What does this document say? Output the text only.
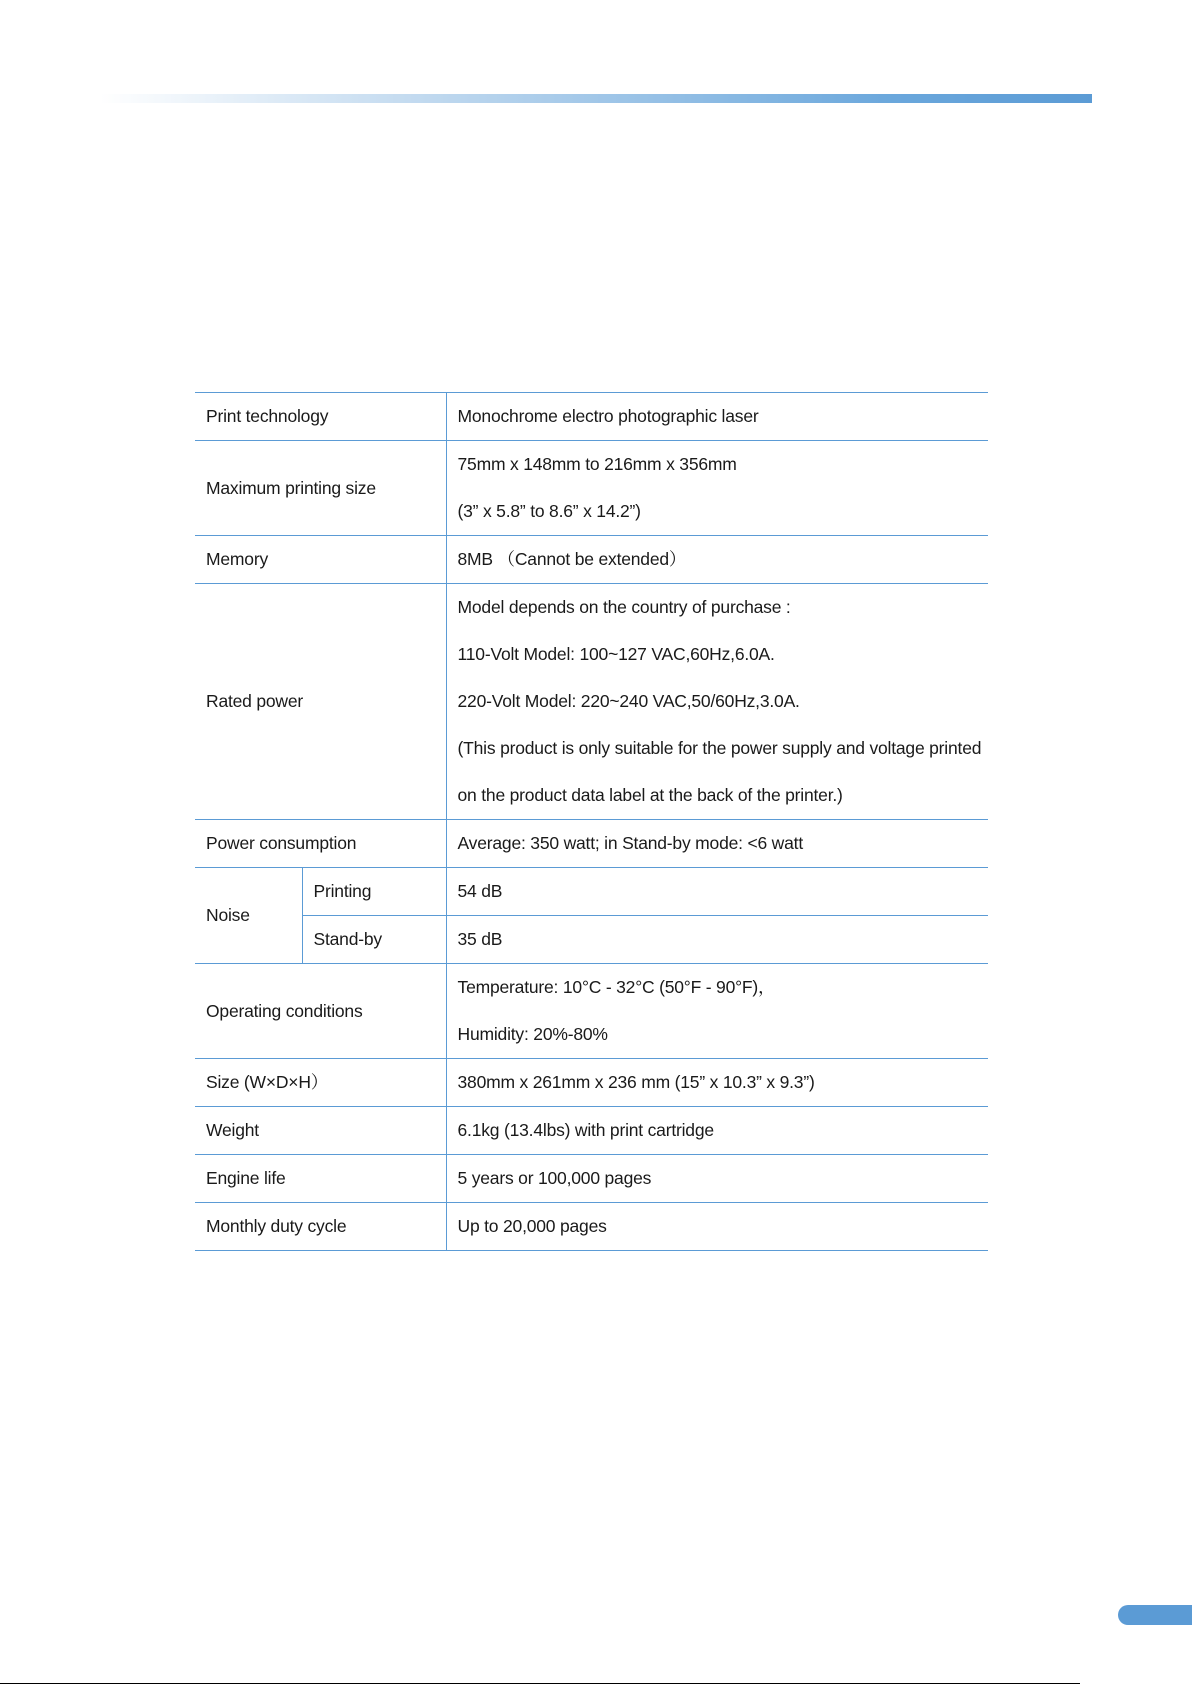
Print technology		Monochrome electro photographic laser
Maximum printing size		75mm x 148mm to 216mm x 356mm
(3” x 5.8” to 8.6” x 14.2”)

Memory		8MB （Cannot be extended）
Rated power		Model depends on the country of purchase :
110-Volt Model: 100~127 VAC,60Hz,6.0A.
220-Volt Model: 220~240 VAC,50/60Hz,3.0A.
(This product is only suitable for the power supply and voltage printed
on the product data label at the back of the printer.)

Power consumption		Average: 350 watt; in Stand-by mode: <6 watt
Noise	Printing	54 dB
	Stand-by	35 dB
Operating conditions		Temperature: 10°C - 32°C (50°F - 90°F)，
Humidity: 20%-80%

Size (W×D×H）		380mm x 261mm x 236 mm (15” x 10.3” x 9.3”)
Weight		6.1kg (13.4lbs) with print cartridge
Engine life		5 years or 100,000 pages
Monthly duty cycle		Up to 20,000 pages
